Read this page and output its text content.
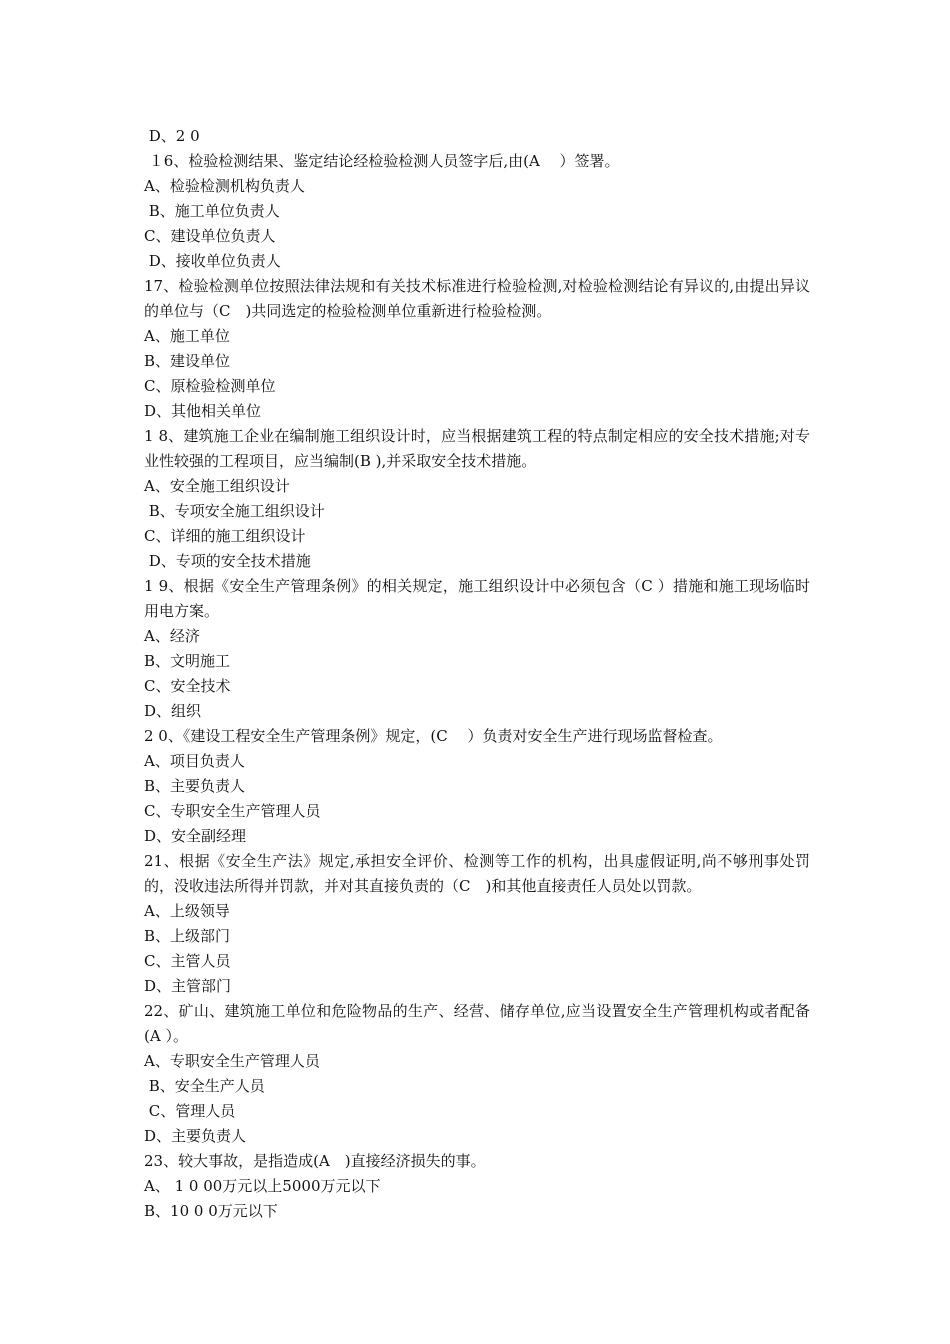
D、2 0
１6、检验检测结果、鉴定结论经检验检测人员签字后,由(A　 ）签署。
A、检验检测机构负责人
B、施工单位负责人
C、建设单位负责人
D、接收单位负责人
17、检验检测单位按照法律法规和有关技术标准进行检验检测,对检验检测结论有异议的,由提出异议的单位与（C　)共同选定的检验检测单位重新进行检验检测。
A、施工单位
B、建设单位
C、原检验检测单位
D、其他相关单位
1 8、建筑施工企业在编制施工组织设计时，应当根据建筑工程的特点制定相应的安全技术措施;对专业性较强的工程项目，应当编制(B ),并采取安全技术措施。
A、安全施工组织设计
B、专项安全施工组织设计
C、详细的施工组织设计
D、专项的安全技术措施
1 9、根据《安全生产管理条例》的相关规定，施工组织设计中必须包含（C ）措施和施工现场临时用电方案。
A、经济
B、文明施工
C、安全技术
D、组织
2 0、《建设工程安全生产管理条例》规定，(C　 ）负责对安全生产进行现场监督检查。
A、项目负责人
B、主要负责人
C、专职安全生产管理人员
D、安全副经理
21、根据《安全生产法》规定,承担安全评价、检测等工作的机构，出具虚假证明,尚不够刑事处罚的，没收违法所得并罚款，并对其直接负责的（C　)和其他直接责任人员处以罚款。
A、上级领导
B、上级部门
C、主管人员
D、主管部门
22、矿山、建筑施工单位和危险物品的生产、经营、储存单位,应当设置安全生产管理机构或者配备(A ）。
A、专职安全生产管理人员
B、安全生产人员
C、管理人员
D、主要负责人
23、较大事故，是指造成(A　)直接经济损失的事。
A、 1 0 00万元以上5000万元以下
B、10 0 0万元以下
